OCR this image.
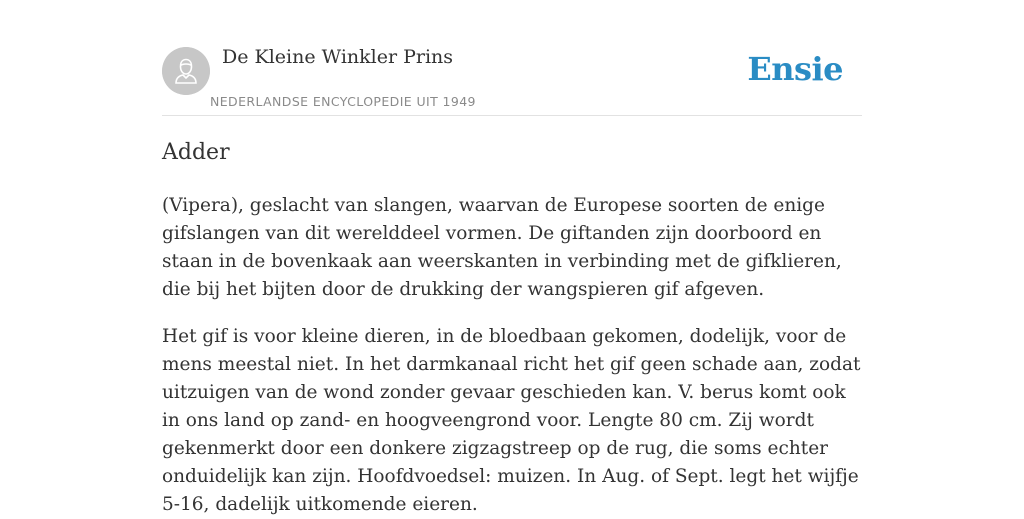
De Kleine Winkler Prins
NEDERLANDSE ENCYCLOPEDIE UIT 1949
Ensie
Adder

(Vipera), geslacht van slangen, waarvan de Europese soorten de enige gifslangen van dit werelddeel vormen. De giftanden zijn doorboord en staan in de bovenkaak aan weerskanten in verbinding met de gifklieren, die bij het bijten door de drukking der wangspieren gif afgeven.

Het gif is voor kleine dieren, in de bloedbaan gekomen, dodelijk, voor de mens meestal niet. In het darmkanaal richt het gif geen schade aan, zodat uitzuigen van de wond zonder gevaar geschieden kan. V. berus komt ook in ons land op zand- en hoogveengrond voor. Lengte 80 cm. Zij wordt gekenmerkt door een donkere zigzagstreep op de rug, die soms echter onduidelijk kan zijn. Hoofdvoedsel: muizen. In Aug. of Sept. legt het wijfje 5-16, dadelijk uitkomende eieren.
